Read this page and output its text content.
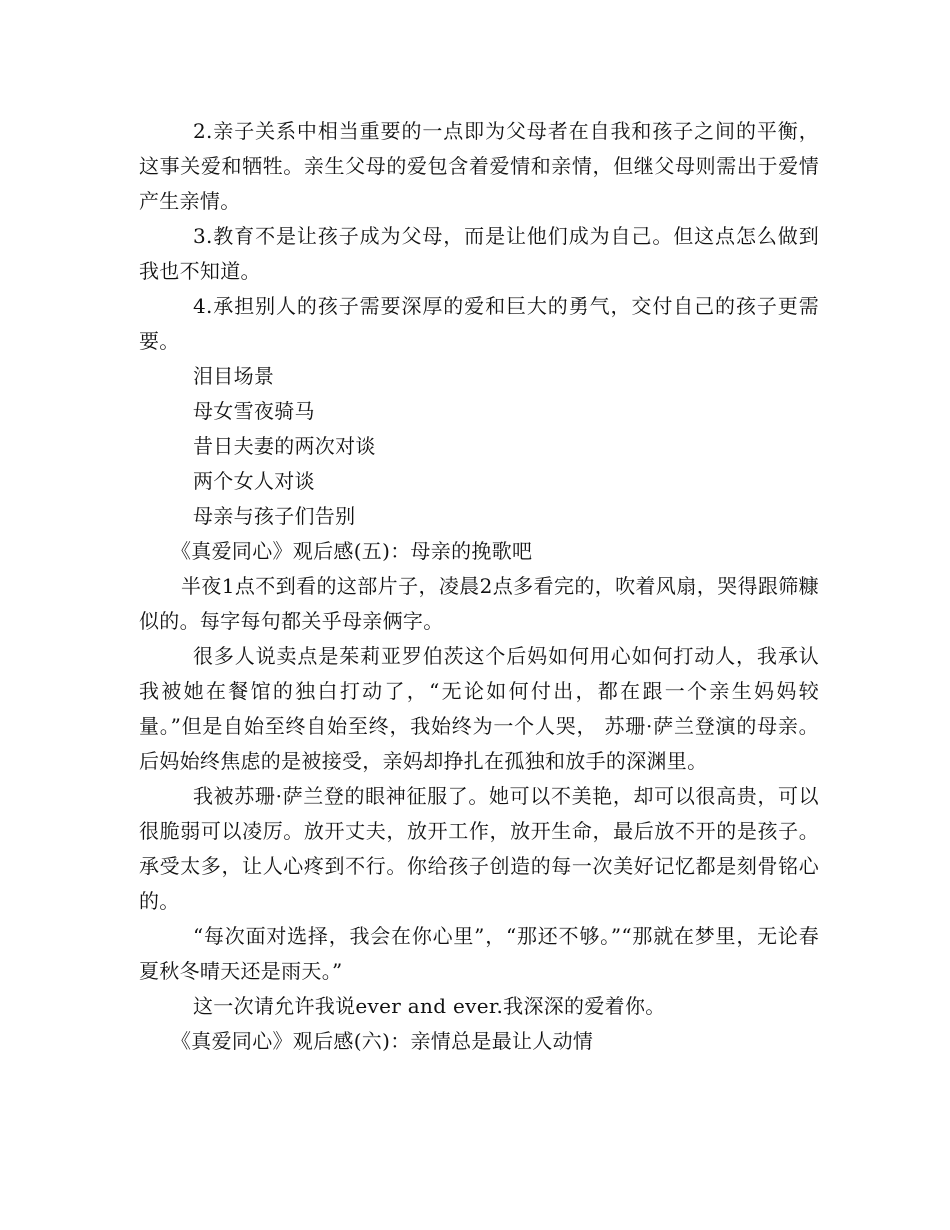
2.亲子关系中相当重要的一点即为父母者在自我和孩子之间的平衡，这事关爱和牺牲。亲生父母的爱包含着爱情和亲情，但继父母则需出于爱情产生亲情。

3.教育不是让孩子成为父母，而是让他们成为自己。但这点怎么做到我也不知道。

4.承担别人的孩子需要深厚的爱和巨大的勇气，交付自己的孩子更需要。

泪目场景

母女雪夜骑马

昔日夫妻的两次对谈

两个女人对谈

母亲与孩子们告别

《真爱同心》观后感(五)：母亲的挽歌吧

半夜1点不到看的这部片子，凌晨2点多看完的，吹着风扇，哭得跟筛糠似的。每字每句都关乎母亲俩字。

很多人说卖点是茱莉亚罗伯茨这个后妈如何用心如何打动人，我承认我被她在餐馆的独白打动了，“无论如何付出，都在跟一个亲生妈妈较量。”但是自始至终自始至终，我始终为一个人哭， 苏珊·萨兰登演的母亲。后妈始终焦虑的是被接受，亲妈却挣扎在孤独和放手的深渊里。

我被苏珊·萨兰登的眼神征服了。她可以不美艳，却可以很高贵，可以很脆弱可以凌厉。放开丈夫，放开工作，放开生命，最后放不开的是孩子。承受太多，让人心疼到不行。你给孩子创造的每一次美好记忆都是刻骨铭心的。

“每次面对选择，我会在你心里”，“那还不够。”“那就在梦里，无论春夏秋冬晴天还是雨天。”

这一次请允许我说ever and ever.我深深的爱着你。

《真爱同心》观后感(六)：亲情总是最让人动情
